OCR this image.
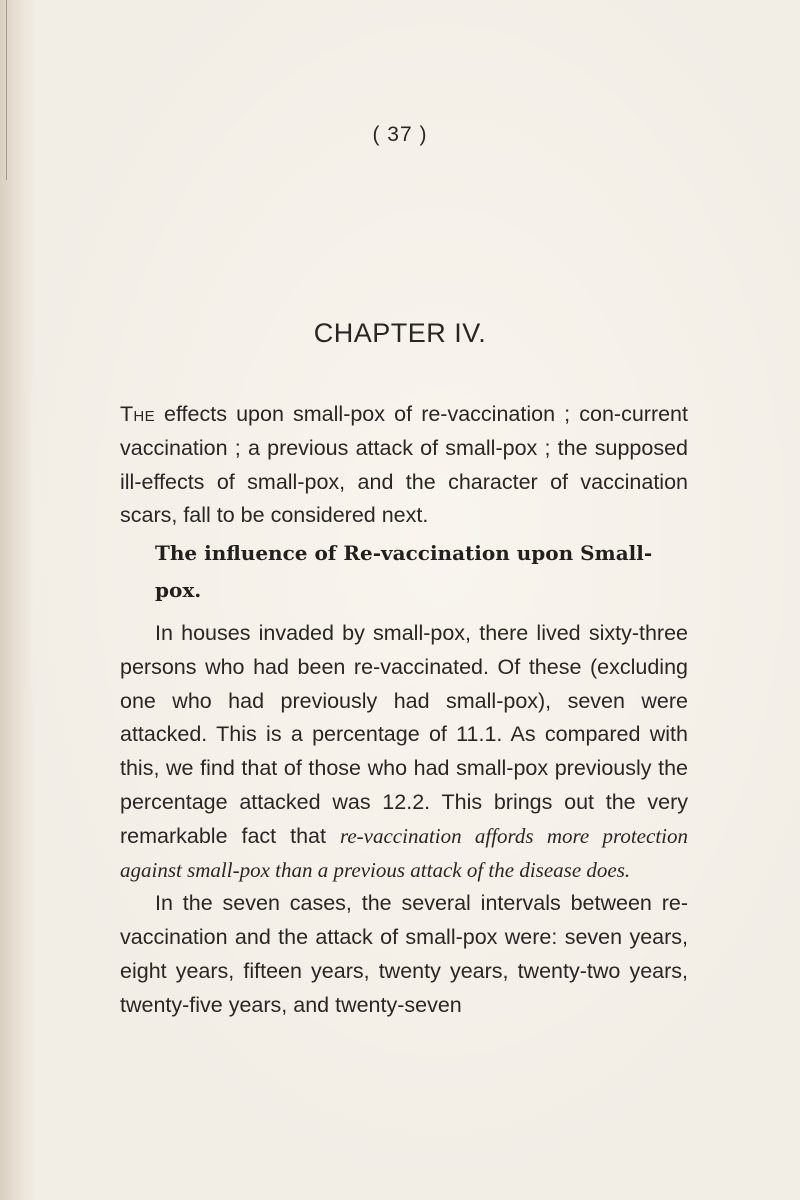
( 37 )
CHAPTER IV.
The effects upon small-pox of re-vaccination ; con-current vaccination ; a previous attack of small-pox ; the supposed ill-effects of small-pox, and the character of vaccination scars, fall to be considered next.
The influence of Re-vaccination upon Small-
pox.
In houses invaded by small-pox, there lived sixty-three persons who had been re-vaccinated. Of these (excluding one who had previously had small-pox), seven were attacked. This is a percentage of 11.1. As compared with this, we find that of those who had small-pox previously the percentage attacked was 12.2. This brings out the very remarkable fact that re-vaccination affords more protection against small-pox than a previous attack of the disease does.
In the seven cases, the several intervals between re-vaccination and the attack of small-pox were: seven years, eight years, fifteen years, twenty years, twenty-two years, twenty-five years, and twenty-seven
